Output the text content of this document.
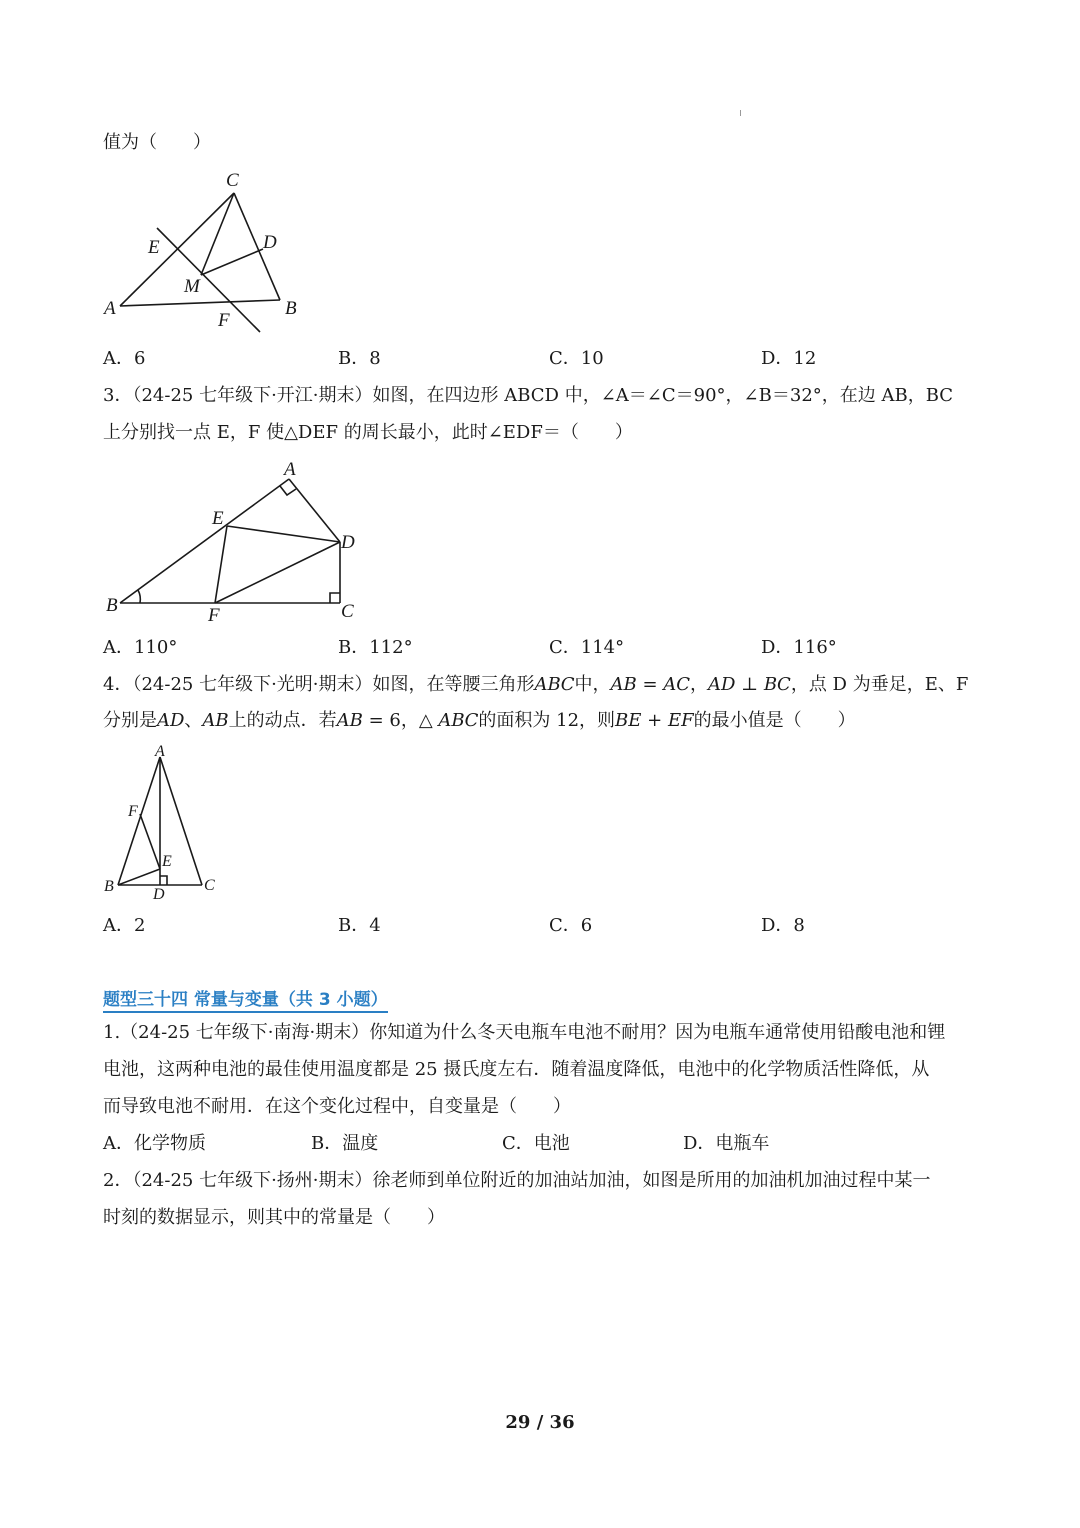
值为（　　）
C
E	D
M
A	B
F
A．6	B．8	C．10	D．12
3．（24-25 七年级下·开江·期末）如图，在四边形 ABCD 中，∠A＝∠C＝90°，∠B＝32°，在边 AB，BC
上分别找一点 E，F 使△DEF 的周长最小，此时∠EDF＝（　　）
A
E
D
B	F	C
A．110°	B．112°	C．114°	D．116°
4．（24-25 七年级下·光明·期末）如图，在等腰三角形𝐴𝐵𝐶中，𝐴𝐵 = 𝐴𝐶，𝐴𝐷 ⊥ 𝐵𝐶，点 D 为垂足，E、F
分别是𝐴𝐷、𝐴𝐵上的动点．若𝐴𝐵 = 6，△ 𝐴𝐵𝐶的面积为 12，则𝐵𝐸 + 𝐸𝐹的最小值是（　　）
A
F
E
B D
C
A．2	B．4	C．6	D．8
题型三十四 常量与变量（共 3 小题）
1.（24-25 七年级下·南海·期末）你知道为什么冬天电瓶车电池不耐用？因为电瓶车通常使用铅酸电池和锂
电池，这两种电池的最佳使用温度都是 25 摄氏度左右．随着温度降低，电池中的化学物质活性降低，从
而导致电池不耐用．在这个变化过程中，自变量是（　　）
A．化学物质	B．温度	C．电池	D．电瓶车
2．（24-25 七年级下·扬州·期末）徐老师到单位附近的加油站加油，如图是所用的加油机加油过程中某一
时刻的数据显示，则其中的常量是（　　）
29 / 36
